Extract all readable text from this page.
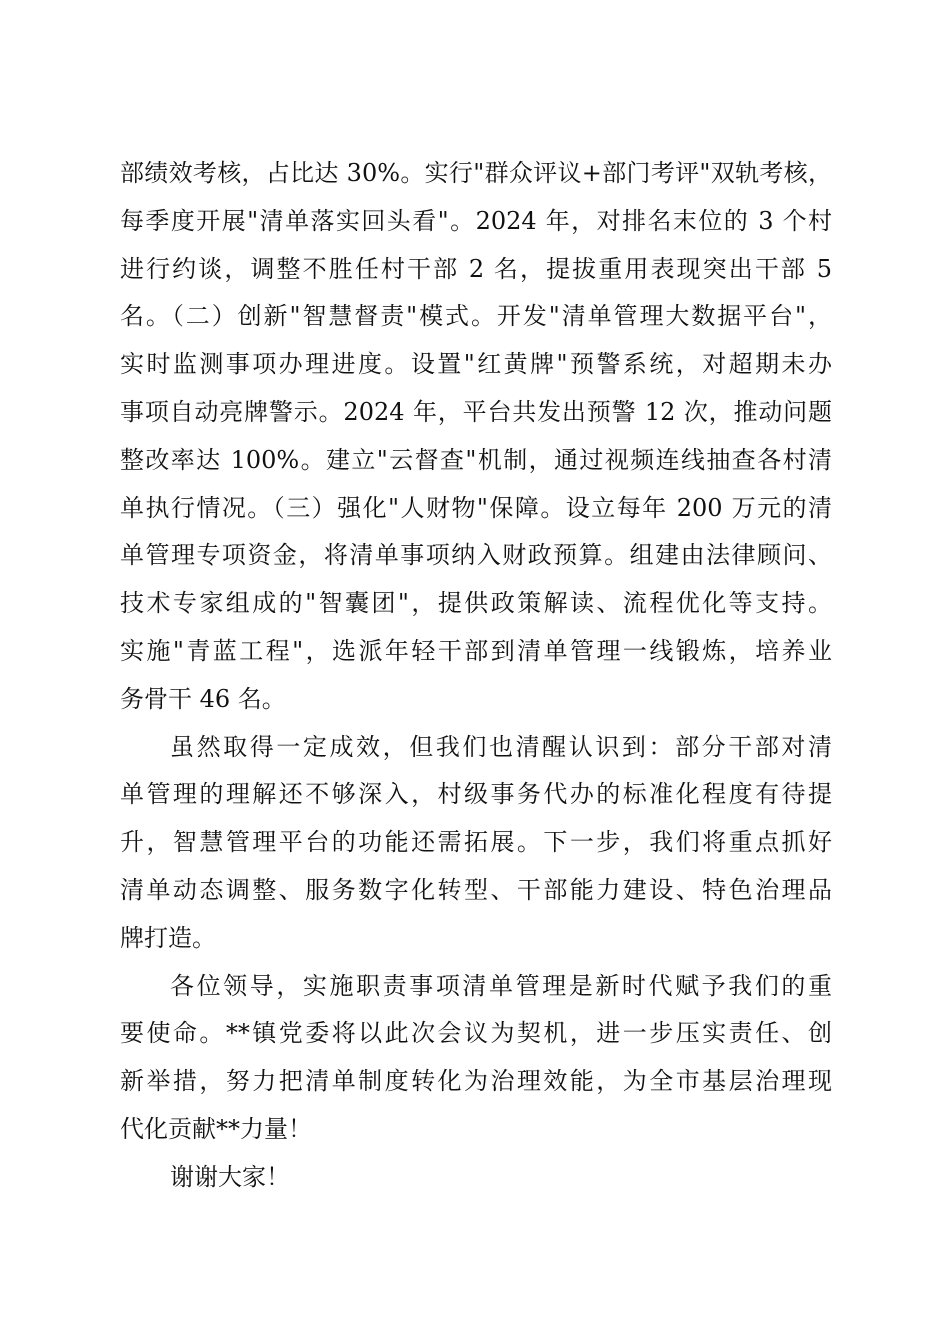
部绩效考核，占比达 30%。实行"群众评议+部门考评"双轨考核，
每季度开展"清单落实回头看"。2024 年，对排名末位的 3 个村
进行约谈，调整不胜任村干部 2 名，提拔重用表现突出干部 5
名。（二）创新"智慧督责"模式。开发"清单管理大数据平台"，
实时监测事项办理进度。设置"红黄牌"预警系统，对超期未办
事项自动亮牌警示。2024 年，平台共发出预警 12 次，推动问题
整改率达 100%。建立"云督查"机制，通过视频连线抽查各村清
单执行情况。（三）强化"人财物"保障。设立每年 200 万元的清
单管理专项资金，将清单事项纳入财政预算。组建由法律顾问、
技术专家组成的"智囊团"，提供政策解读、流程优化等支持。
实施"青蓝工程"，选派年轻干部到清单管理一线锻炼，培养业
务骨干 46 名。
虽然取得一定成效，但我们也清醒认识到：部分干部对清
单管理的理解还不够深入，村级事务代办的标准化程度有待提
升，智慧管理平台的功能还需拓展。下一步，我们将重点抓好
清单动态调整、服务数字化转型、干部能力建设、特色治理品
牌打造。
各位领导，实施职责事项清单管理是新时代赋予我们的重
要使命。**镇党委将以此次会议为契机，进一步压实责任、创
新举措，努力把清单制度转化为治理效能，为全市基层治理现
代化贡献**力量！
谢谢大家！
